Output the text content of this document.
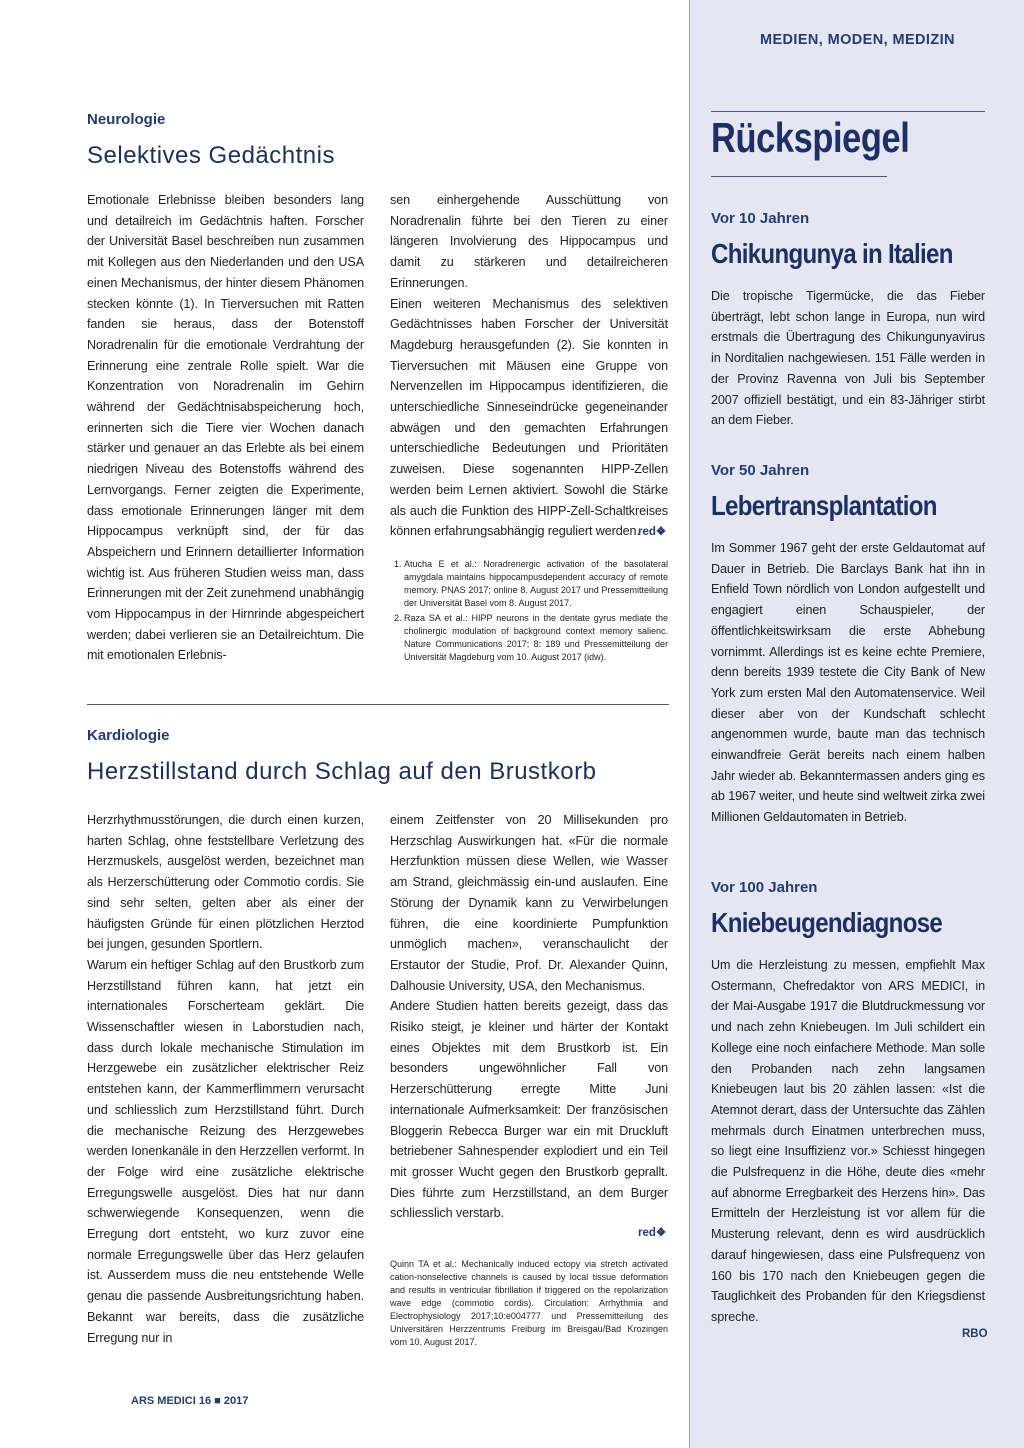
MEDIEN, MODEN, MEDIZIN
Neurologie
Selektives Gedächtnis

Emotionale Erlebnisse bleiben besonders lang und detailreich im Gedächtnis haften. Forscher der Universität Basel beschreiben nun zusammen mit Kollegen aus den Niederlanden und den USA einen Mechanismus, der hinter diesem Phänomen stecken könnte (1). In Tierversuchen mit Ratten fanden sie heraus, dass der Botenstoff Noradrenalin für die emotionale Verdrahtung der Erinnerung eine zentrale Rolle spielt. War die Konzentration von Noradrenalin im Gehirn während der Gedächtnisabspeicherung hoch, erinnerten sich die Tiere vier Wochen danach stärker und genauer an das Erlebte als bei einem niedrigen Niveau des Botenstoffs während des Lernvorgangs. Ferner zeigten die Experimente, dass emotionale Erinnerungen länger mit dem Hippocampus verknüpft sind, der für das Abspeichern und Erinnern detaillierter Information wichtig ist. Aus früheren Studien weiss man, dass Erinnerungen mit der Zeit zunehmend unabhängig vom Hippocampus in der Hirnrinde abgespeichert werden; dabei verlieren sie an Detailreichtum. Die mit emotionalen Erlebnis-

sen einhergehende Ausschüttung von Noradrenalin führte bei den Tieren zu einer längeren Involvierung des Hippocampus und damit zu stärkeren und detailreicheren Erinnerungen.

Einen weiteren Mechanismus des selektiven Gedächtnisses haben Forscher der Universität Magdeburg herausgefunden (2). Sie konnten in Tierversuchen mit Mäusen eine Gruppe von Nervenzellen im Hippocampus identifizieren, die unterschiedliche Sinneseindrücke gegeneinander abwägen und den gemachten Erfahrungen unterschiedliche Bedeutungen und Prioritäten zuweisen. Diese sogenannten HIPP-Zellen werden beim Lernen aktiviert. Sowohl die Stärke als auch die Funktion des HIPP-Zell-Schaltkreises können erfahrungsabhängig reguliert werden.

red❖
1. Atucha E et al.: Noradrenergic activation of the basolateral amygdala maintains hippocampusdependent accuracy of remote memory. PNAS 2017; online 8. August 2017 und Pressemitteilung der Universität Basel vom 8. August 2017.
2. Raza SA et al.: HIPP neurons in the dentate gyrus mediate the cholinergic modulation of background context memory salienc. Nature Communications 2017; 8: 189 und Pressemitteilung der Universität Magdeburg vom 10. August 2017 (idw).
Kardiologie
Herzstillstand durch Schlag auf den Brustkorb

Herzrhythmusstörungen, die durch einen kurzen, harten Schlag, ohne feststellbare Verletzung des Herzmuskels, ausgelöst werden, bezeichnet man als Herzerschütterung oder Commotio cordis. Sie sind sehr selten, gelten aber als einer der häufigsten Gründe für einen plötzlichen Herztod bei jungen, gesunden Sportlern.

Warum ein heftiger Schlag auf den Brustkorb zum Herzstillstand führen kann, hat jetzt ein internationales Forscherteam geklärt. Die Wissenschaftler wiesen in Laborstudien nach, dass durch lokale mechanische Stimulation im Herzgewebe ein zusätzlicher elektrischer Reiz entstehen kann, der Kammerflimmern verursacht und schliesslich zum Herzstillstand führt. Durch die mechanische Reizung des Herzgewebes werden Ionenkanäle in den Herzzellen verformt. In der Folge wird eine zusätzliche elektrische Erregungswelle ausgelöst. Dies hat nur dann schwerwiegende Konsequenzen, wenn die Erregung dort entsteht, wo kurz zuvor eine normale Erregungswelle über das Herz gelaufen ist. Ausserdem muss die neu entstehende Welle genau die passende Ausbreitungsrichtung haben. Bekannt war bereits, dass die zusätzliche Erregung nur in

einem Zeitfenster von 20 Millisekunden pro Herzschlag Auswirkungen hat. «Für die normale Herzfunktion müssen diese Wellen, wie Wasser am Strand, gleichmässig ein-und auslaufen. Eine Störung der Dynamik kann zu Verwirbelungen führen, die eine koordinierte Pumpfunktion unmöglich machen», veranschaulicht der Erstautor der Studie, Prof. Dr. Alexander Quinn, Dalhousie University, USA, den Mechanismus.

Andere Studien hatten bereits gezeigt, dass das Risiko steigt, je kleiner und härter der Kontakt eines Objektes mit dem Brustkorb ist. Ein besonders ungewöhnlicher Fall von Herzerschütterung erregte Mitte Juni internationale Aufmerksamkeit: Der französischen Bloggerin Rebecca Burger war ein mit Druckluft betriebener Sahnespender explodiert und ein Teil mit grosser Wucht gegen den Brustkorb geprallt. Dies führte zum Herzstillstand, an dem Burger schliesslich verstarb.

red❖

Quinn TA et al.: Mechanically induced ectopy via stretch activated cation-nonselective channels is caused by local tissue deformation and results in ventricular fibrillation if triggered on the repolarization wave edge (commotio cordis). Circulation: Arrhythmia and Electrophysiology 2017;10:e004777 und Pressemitteilung des Universitären Herzzentrums Freiburg im Breisgau/Bad Krozingen vom 10. August 2017.

Rückspiegel
Vor 10 Jahren
Chikungunya in Italien

Die tropische Tigermücke, die das Fieber überträgt, lebt schon lange in Europa, nun wird erstmals die Übertragung des Chikungunyavirus in Norditalien nachgewiesen. 151 Fälle werden in der Provinz Ravenna von Juli bis September 2007 offiziell bestätigt, und ein 83-Jähriger stirbt an dem Fieber.

Vor 50 Jahren
Lebertransplantation

Im Sommer 1967 geht der erste Geldautomat auf Dauer in Betrieb. Die Barclays Bank hat ihn in Enfield Town nördlich von London aufgestellt und engagiert einen Schauspieler, der öffentlichkeitswirksam die erste Abhebung vornimmt. Allerdings ist es keine echte Premiere, denn bereits 1939 testete die City Bank of New York zum ersten Mal den Automatenservice. Weil dieser aber von der Kundschaft schlecht angenommen wurde, baute man das technisch einwandfreie Gerät bereits nach einem halben Jahr wieder ab. Bekanntermassen anders ging es ab 1967 weiter, und heute sind weltweit zirka zwei Millionen Geldautomaten in Betrieb.

Vor 100 Jahren
Kniebeugendiagnose

Um die Herzleistung zu messen, empfiehlt Max Ostermann, Chefredaktor von ARS MEDICI, in der Mai-Ausgabe 1917 die Blutdruckmessung vor und nach zehn Kniebeugen. Im Juli schildert ein Kollege eine noch einfachere Methode. Man solle den Probanden nach zehn langsamen Kniebeugen laut bis 20 zählen lassen: «Ist die Atemnot derart, dass der Untersuchte das Zählen mehrmals durch Einatmen unterbrechen muss, so liegt eine Insuffizienz vor.» Schiesst hingegen die Pulsfrequenz in die Höhe, deute dies «mehr auf abnorme Erregbarkeit des Herzens hin». Das Ermitteln der Herzleistung ist vor allem für die Musterung relevant, denn es wird ausdrücklich darauf hingewiesen, dass eine Pulsfrequenz von 160 bis 170 nach den Kniebeugen gegen die Tauglichkeit des Probanden für den Kriegsdienst spreche.

RBO
ARS MEDICI 16 ■ 2017
